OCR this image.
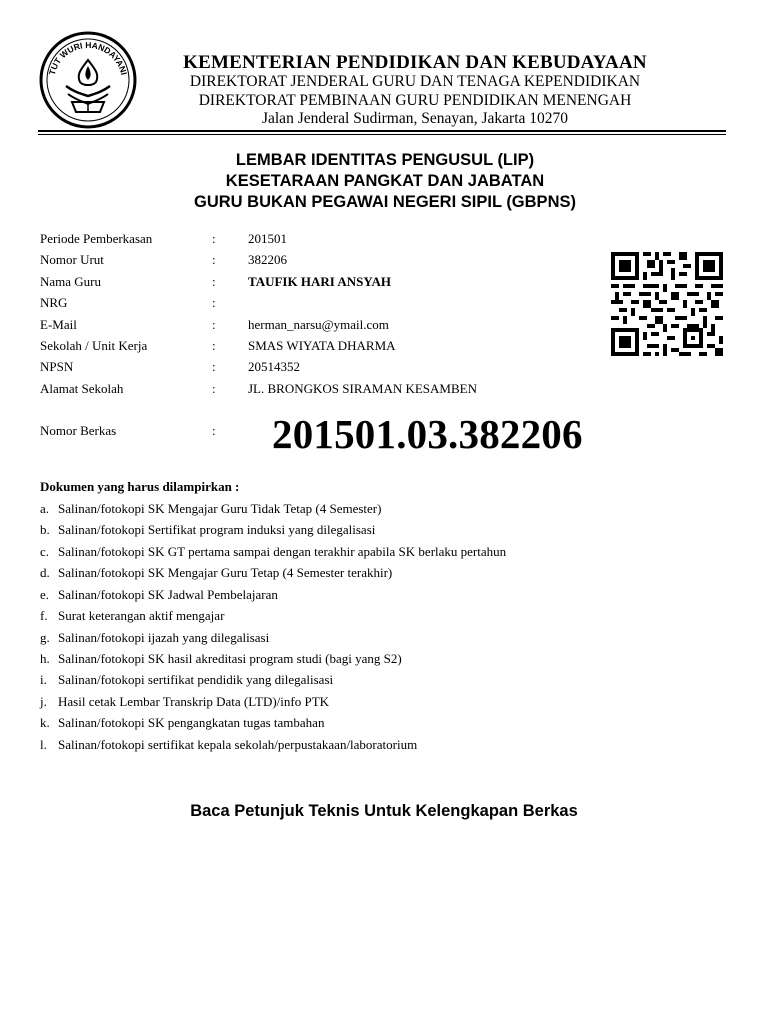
TUT WURI HANDAYANI
KEMENTERIAN PENDIDIKAN DAN KEBUDAYAAN
DIREKTORAT JENDERAL GURU DAN TENAGA KEPENDIDIKAN
DIREKTORAT PEMBINAAN GURU PENDIDIKAN MENENGAH
Jalan Jenderal Sudirman, Senayan, Jakarta 10270
LEMBAR IDENTITAS PENGUSUL (LIP)
KESETARAAN PANGKAT DAN JABATAN
GURU BUKAN PEGAWAI NEGERI SIPIL (GBPNS)
Periode Pemberkasan	: 201501
Nomor Urut	: 382206
Nama Guru	: TAUFIK HARI ANSYAH
NRG	:
E-Mail	: herman_narsu@ymail.com
Sekolah / Unit Kerja	: SMAS WIYATA DHARMA
NPSN	: 20514352
Alamat Sekolah	: JL. BRONGKOS SIRAMAN KESAMBEN
Nomor Berkas	: 201501.03.382206
Dokumen yang harus dilampirkan :
a. Salinan/fotokopi SK Mengajar Guru Tidak Tetap (4 Semester)
b. Salinan/fotokopi Sertifikat program induksi yang dilegalisasi
c. Salinan/fotokopi SK GT pertama sampai dengan terakhir apabila SK berlaku pertahun
d. Salinan/fotokopi SK Mengajar Guru Tetap (4 Semester terakhir)
e. Salinan/fotokopi SK Jadwal Pembelajaran
f. Surat keterangan aktif mengajar
g. Salinan/fotokopi ijazah yang dilegalisasi
h. Salinan/fotokopi SK hasil akreditasi program studi (bagi yang S2)
i. Salinan/fotokopi sertifikat pendidik yang dilegalisasi
j. Hasil cetak Lembar Transkrip Data (LTD)/info PTK
k. Salinan/fotokopi SK pengangkatan tugas tambahan
l. Salinan/fotokopi sertifikat kepala sekolah/perpustakaan/laboratorium
Baca Petunjuk Teknis Untuk Kelengkapan Berkas
